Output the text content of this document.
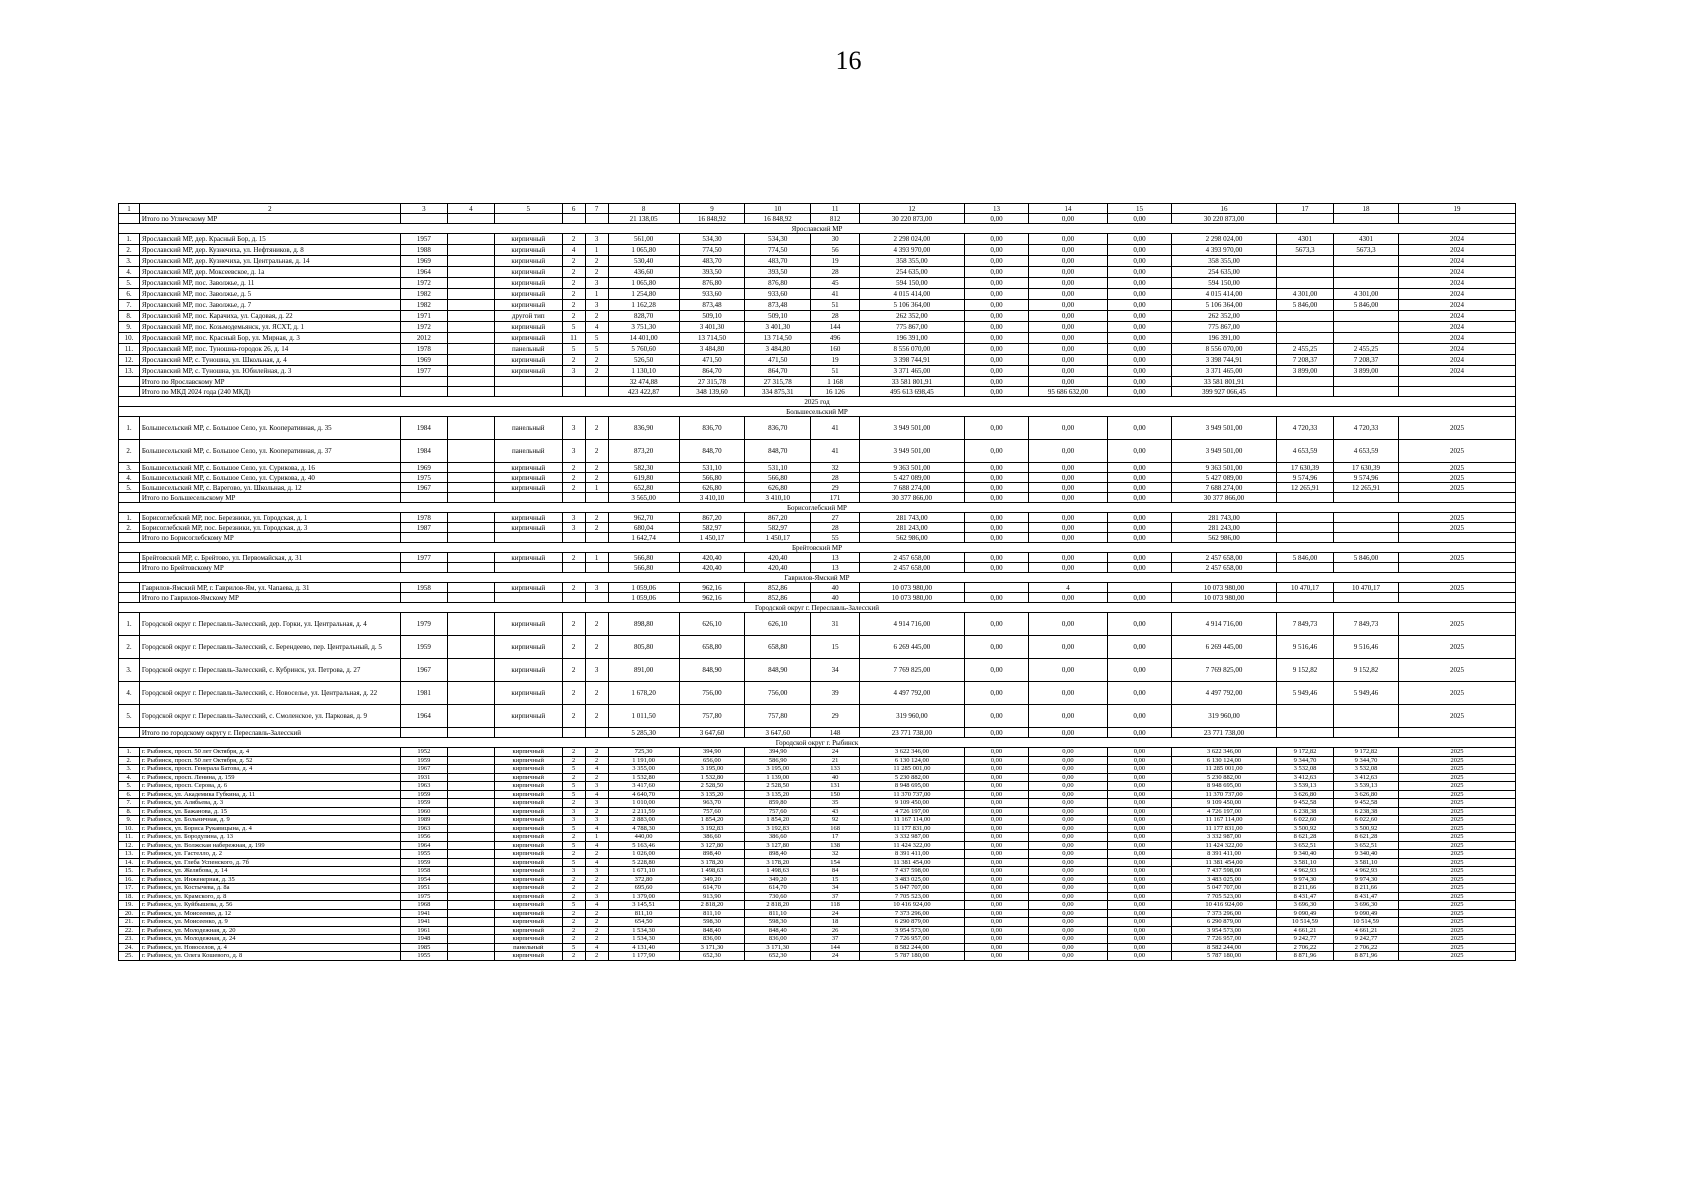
16
1	2	3	4	5	6	7	8	9	10	11	12	13	14	15	16	17	18	19
	Итого по Угличскому МР						21 138,05	16 848,92	16 848,92	812	30 220 873,00	0,00	0,00	0,00	30 220 873,00			
Ярославский МР																		
1.	Ярославский МР, дер. Красный Бор, д. 15	1957		кирпичный	2	3	561,00	534,30	534,30	30	2 298 024,00	0,00	0,00	0,00	2 298 024,00	4301	4301	2024
2.	Ярославский МР, дер. Кузнечиха, ул. Нефтяников, д. 8	1988		кирпичный	4	1	1 065,80	774,50	774,50	56	4 393 970,00	0,00	0,00	0,00	4 393 970,00	5673,3	5673,3	2024
3.	Ярославский МР, дер. Кузнечиха, ул. Центральная, д. 14	1969		кирпичный	2	2	530,40	483,70	483,70	19	358 355,00	0,00	0,00	0,00	358 355,00			2024
4.	Ярославский МР, дер. Моксеевское, д. 1а	1964		кирпичный	2	2	436,60	393,50	393,50	28	254 635,00	0,00	0,00	0,00	254 635,00			2024
5.	Ярославский МР, пос. Заволжье, д. 11	1972		кирпичный	2	3	1 065,80	876,80	876,80	45	594 150,00	0,00	0,00	0,00	594 150,00			2024
6.	Ярославский МР, пос. Заволжье, д. 5	1982		кирпичный	2	1	1 254,80	933,60	933,60	41	4 015 414,00	0,00	0,00	0,00	4 015 414,00	4 301,00	4 301,00	2024
7.	Ярославский МР, пос. Заволжье, д. 7	1982		кирпичный	2	3	1 162,28	873,48	873,48	51	5 106 364,00	0,00	0,00	0,00	5 106 364,00	5 846,00	5 846,00	2024
8.	Ярославский МР, пос. Карачиха, ул. Садовая, д. 22	1971		другой тип	2	2	828,70	509,10	509,10	28	262 352,00	0,00	0,00	0,00	262 352,00			2024
9.	Ярославский МР, пос. Козьмодемьянск, ул. ЯСХТ, д. 1	1972		кирпичный	5	4	3 751,30	3 401,30	3 401,30	144	775 867,00	0,00	0,00	0,00	775 867,00			2024
10.	Ярославский МР, пос. Красный Бор, ул. Мирная, д. 3	2012		кирпичный	11	5	14 401,00	13 714,50	13 714,50	496	196 391,00	0,00	0,00	0,00	196 391,00			2024
11.	Ярославский МР, пос. Туношна-городок 26, д. 14	1978		панельный	5	5	5 760,60	3 484,80	3 484,80	160	8 556 070,00	0,00	0,00	0,00	8 556 070,00	2 455,25	2 455,25	2024
12.	Ярославский МР, с. Туношна, ул. Школьная, д. 4	1969		кирпичный	2	2	526,50	471,50	471,50	19	3 398 744,91	0,00	0,00	0,00	3 398 744,91	7 208,37	7 208,37	2024
13.	Ярославский МР, с. Туношна, ул. Юбилейная, д. 3	1977		кирпичный	3	2	1 130,10	864,70	864,70	51	3 371 465,00	0,00	0,00	0,00	3 371 465,00	3 899,00	3 899,00	2024
	Итого по Ярославскому МР						32 474,88	27 315,78	27 315,78	1 168	33 581 801,91	0,00	0,00	0,00	33 581 801,91			
	Итого по МКД 2024 года (240 МКД)						423 422,87	348 139,60	334 875,31	16 126	495 613 698,45	0,00	95 686 632,00	0,00	399 927 066,45			
2025 год																		
Большесельский МР																		
1.	Большесельский МР, с. Большое Село, ул. Кооперативная, д. 35	1984		панельный	3	2	836,90	836,70	836,70	41	3 949 501,00	0,00	0,00	0,00	3 949 501,00	4 720,33	4 720,33	2025
2.	Большесельский МР, с. Большое Село, ул. Кооперативная, д. 37	1984		панельный	3	2	873,20	848,70	848,70	41	3 949 501,00	0,00	0,00	0,00	3 949 501,00	4 653,59	4 653,59	2025
3.	Большесельский МР, с. Большое Село, ул. Сурикова, д. 16	1969		кирпичный	2	2	582,30	531,10	531,10	32	9 363 501,00	0,00	0,00	0,00	9 363 501,00	17 630,39	17 630,39	2025
4.	Большесельский МР, с. Большое Село, ул. Сурикова, д. 40	1975		кирпичный	2	2	619,80	566,80	566,80	28	5 427 089,00	0,00	0,00	0,00	5 427 089,00	9 574,96	9 574,96	2025
5.	Большесельский МР, с. Варегово, ул. Школьная, д. 12	1967		кирпичный	2	1	652,80	626,80	626,80	29	7 688 274,00	0,00	0,00	0,00	7 688 274,00	12 265,91	12 265,91	2025
	Итого по Большесельскому МР						3 565,00	3 410,10	3 410,10	171	30 377 866,00	0,00	0,00	0,00	30 377 866,00			
Борисоглебский МР																		
1.	Борисоглебский МР, пос. Березники, ул. Городская, д. 1	1978		кирпичный	3	2	962,70	867,20	867,20	27	281 743,00	0,00	0,00	0,00	281 743,00			2025
2.	Борисоглебский МР, пос. Березники, ул. Городская, д. 3	1987		кирпичный	3	2	680,04	582,97	582,97	28	281 243,00	0,00	0,00	0,00	281 243,00			2025
	Итого по Борисоглебскому МР						1 642,74	1 450,17	1 450,17	55	562 986,00	0,00	0,00	0,00	562 986,00			
Брейтовский МР																		
	Брейтовский МР, с. Брейтово, ул. Первомайская, д. 31	1977		кирпичный	2	1	566,80	420,40	420,40	13	2 457 658,00	0,00	0,00	0,00	2 457 658,00	5 846,00	5 846,00	2025
	Итого по Брейтовскому МР						566,80	420,40	420,40	13	2 457 658,00	0,00	0,00	0,00	2 457 658,00			
Гаврилов-Ямский МР																		
	Гаврилов-Ямский МР, г. Гаврилов-Ям, ул. Чапаева, д. 31	1958		кирпичный	2	3	1 059,06	962,16	852,86	40	10 073 980,00		4		10 073 980,00	10 470,17	10 470,17	2025
	Итого по Гаврилов-Ямскому МР						1 059,06	962,16	852,86	40	10 073 980,00	0,00	0,00	0,00	10 073 980,00			
Городской округ г. Переславль-Залесский																		
1.	Городской округ г. Переславль-Залесский, дер. Горки, ул. Центральная, д. 4	1979		кирпичный	2	2	898,80	626,10	626,10	31	4 914 716,00	0,00	0,00	0,00	4 914 716,00	7 849,73	7 849,73	2025
2.	Городской округ г. Переславль-Залесский, с. Берендеево, пер. Центральный, д. 5	1959		кирпичный	2	2	805,80	658,80	658,80	15	6 269 445,00	0,00	0,00	0,00	6 269 445,00	9 516,46	9 516,46	2025
3.	Городской округ г. Переславль-Залесский, с. Кубринск, ул. Петрова, д. 27	1967		кирпичный	2	3	891,00	848,90	848,90	34	7 769 825,00	0,00	0,00	0,00	7 769 825,00	9 152,82	9 152,82	2025
4.	Городской округ г. Переславль-Залесский, с. Новоселье, ул. Центральная, д. 22	1981		кирпичный	2	2	1 678,20	756,00	756,00	39	4 497 792,00	0,00	0,00	0,00	4 497 792,00	5 949,46	5 949,46	2025
5.	Городской округ г. Переславль-Залесский, с. Смоленское, ул. Парковая, д. 9	1964		кирпичный	2	2	1 011,50	757,80	757,80	29	319 960,00	0,00	0,00	0,00	319 960,00			2025
	Итого по городскому округу г. Переславль-Залесский						5 285,30	3 647,60	3 647,60	148	23 771 738,00	0,00	0,00	0,00	23 771 738,00			
Городской округ г. Рыбинск																		
1.	г. Рыбинск, просп. 50 лет Октября, д. 4	1952		кирпичный	2	2	725,30	394,90	394,90	24	3 622 346,00	0,00	0,00	0,00	3 622 346,00	9 172,82	9 172,82	2025
2.	г. Рыбинск, просп. 50 лет Октября, д. 52	1959		кирпичный	2	2	1 191,00	656,00	586,90	21	6 130 124,00	0,00	0,00	0,00	6 130 124,00	9 344,70	9 344,70	2025
3.	г. Рыбинск, просп. Генерала Батова, д. 4	1967		кирпичный	5	4	3 355,00	3 195,00	3 195,00	133	11 285 001,00	0,00	0,00	0,00	11 285 001,00	3 532,08	3 532,08	2025
4.	г. Рыбинск, просп. Ленина, д. 159	1931		кирпичный	2	2	1 532,80	1 532,80	1 139,00	40	5 230 882,00	0,00	0,00	0,00	5 230 882,00	3 412,63	3 412,63	2025
5.	г. Рыбинск, просп. Серова, д. 6	1963		кирпичный	5	3	3 417,60	2 528,50	2 528,50	131	8 948 695,00	0,00	0,00	0,00	8 948 695,00	3 539,13	3 539,13	2025
6.	г. Рыбинск, ул. Академика Губкина, д. 11	1959		кирпичный	5	4	4 640,70	3 135,20	3 135,20	150	11 370 737,00	0,00	0,00	0,00	11 370 737,00	3 626,80	3 626,80	2025
7.	г. Рыбинск, ул. Алябьева, д. 3	1959		кирпичный	2	3	1 010,00	963,70	859,80	35	9 109 450,00	0,00	0,00	0,00	9 109 450,00	9 452,58	9 452,58	2025
8.	г. Рыбинск, ул. Бажанова, д. 15	1960		кирпичный	3	2	2 211,59	757,60	757,60	43	4 726 197,00	0,00	0,00	0,00	4 726 197,00	6 238,38	6 238,38	2025
9.	г. Рыбинск, ул. Больничная, д. 9	1989		кирпичный	3	3	2 883,00	1 854,20	1 854,20	92	11 167 114,00	0,00	0,00	0,00	11 167 114,00	6 022,60	6 022,60	2025
10.	г. Рыбинск, ул. Бориса Рукавицына, д. 4	1963		кирпичный	5	4	4 788,30	3 192,83	3 192,83	168	11 177 831,00	0,00	0,00	0,00	11 177 831,00	3 500,92	3 500,92	2025
11.	г. Рыбинск, ул. Бородулина, д. 13	1956		кирпичный	2	1	440,00	386,60	386,60	17	3 332 987,00	0,00	0,00	0,00	3 332 987,00	8 621,28	8 621,28	2025
12.	г. Рыбинск, ул. Волжская набережная, д. 199	1964		кирпичный	5	4	5 163,46	3 127,80	3 127,80	138	11 424 322,00	0,00	0,00	0,00	11 424 322,00	3 652,51	3 652,51	2025
13.	г. Рыбинск, ул. Гастелло, д. 2	1955		кирпичный	2	2	1 026,00	898,40	898,40	32	8 391 411,00	0,00	0,00	0,00	8 391 411,00	9 340,40	9 340,40	2025
14.	г. Рыбинск, ул. Глеба Успенского, д. 7б	1959		кирпичный	5	4	5 228,80	3 178,20	3 178,20	154	11 381 454,00	0,00	0,00	0,00	11 381 454,00	3 581,10	3 581,10	2025
15.	г. Рыбинск, ул. Желябова, д. 14	1958		кирпичный	3	3	1 671,10	1 498,63	1 498,63	84	7 437 598,00	0,00	0,00	0,00	7 437 598,00	4 962,93	4 962,93	2025
16.	г. Рыбинск, ул. Инженерная, д. 35	1954		кирпичный	2	2	372,80	349,20	349,20	15	3 483 025,00	0,00	0,00	0,00	3 483 025,00	9 974,30	9 974,30	2025
17.	г. Рыбинск, ул. Костычева, д. 8а	1951		кирпичный	2	2	695,60	614,70	614,70	34	5 047 707,00	0,00	0,00	0,00	5 047 707,00	8 211,66	8 211,66	2025
18.	г. Рыбинск, ул. Крамского, д. 8	1975		кирпичный	2	3	1 379,00	913,90	730,60	37	7 705 523,00	0,00	0,00	0,00	7 705 523,00	8 431,47	8 431,47	2025
19.	г. Рыбинск, ул. Куйбышева, д. 56	1968		кирпичный	5	4	3 145,51	2 818,20	2 818,20	118	10 416 924,00	0,00	0,00	0,00	10 416 924,00	3 696,30	3 696,30	2025
20.	г. Рыбинск, ул. Моисеенко, д. 12	1941		кирпичный	2	2	811,10	811,10	811,10	24	7 373 296,00	0,00	0,00	0,00	7 373 296,00	9 090,49	9 090,49	2025
21.	г. Рыбинск, ул. Моисеенко, д. 9	1941		кирпичный	2	2	654,50	598,30	598,30	18	6 290 879,00	0,00	0,00	0,00	6 290 879,00	10 514,59	10 514,59	2025
22.	г. Рыбинск, ул. Молодежная, д. 20	1961		кирпичный	2	2	1 534,30	848,40	848,40	26	3 954 573,00	0,00	0,00	0,00	3 954 573,00	4 661,21	4 661,21	2025
23.	г. Рыбинск, ул. Молодежная, д. 24	1948		кирпичный	2	2	1 534,30	836,00	836,00	37	7 726 957,00	0,00	0,00	0,00	7 726 957,00	9 242,77	9 242,77	2025
24.	г. Рыбинск, ул. Новоселов, д. 4	1985		панельный	5	4	4 131,40	3 171,30	3 171,30	144	8 582 244,00	0,00	0,00	0,00	8 582 244,00	2 706,22	2 706,22	2025
25.	г. Рыбинск, ул. Олега Кошевого, д. 8	1955		кирпичный	2	2	1 177,90	652,30	652,30	24	5 787 180,00	0,00	0,00	0,00	5 787 180,00	8 871,96	8 871,96	2025
